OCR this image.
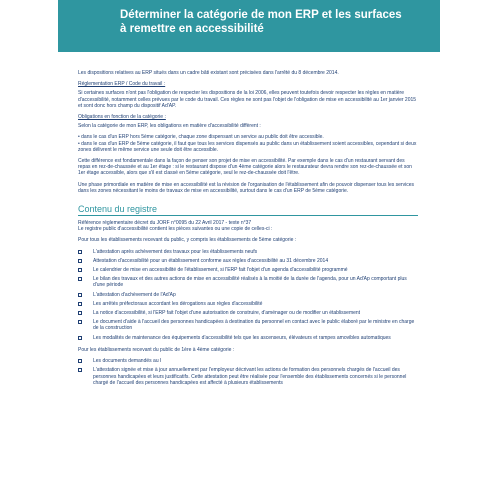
Déterminer la catégorie de mon ERP et les surfaces
à remettre en accessibilité

Les dispositions relatives au ERP situés dans un cadre bâti existant sont précisées dans l'arrêté du 8 décembre 2014.

Réglementation ERP / Code du travail :

Si certaines surfaces n'ont pas l'obligation de respecter les dispositions de la loi 2006, elles peuvent toutefois devoir respecter les règles en matière d'accessibilité, notamment celles prévues par le code du travail. Ces règles ne sont pas l'objet de l'obligation de mise en accessibilité au 1er janvier 2015 et sont donc hors champ du dispositif Ad'AP.

Obligations en fonction de la catégorie :

Selon la catégorie de mon ERP, les obligations en matière d'accessibilité diffèrent :

• dans le cas d'un ERP hors 5ème catégorie, chaque zone dispensant un service au public doit être accessible.

• dans le cas d'un ERP de 5ème catégorie, il faut que tous les services dispensés au public dans un établissement soient accessibles, cependant si deux zones délivrent le même service une seule doit être accessible.

Cette différence est fondamentale dans la façon de penser son projet de mise en accessibilité. Par exemple dans le cas d'un restaurant servant des repas en rez-de-chaussée et au 1er étage : si le restaurant dispose d'un 4ème catégorie alors le restaurateur devra rendre son rez-de-chaussée et son 1er étage accessible, alors que s'il est classé en 5ème catégorie, seul le rez-de-chaussée doit l'être.

Une phase primordiale en matière de mise en accessibilité est la révision de l'organisation de l'établissement afin de pouvoir dispenser tous les services dans les zones nécessitant le moins de travaux de mise en accessibilité, surtout dans le cas d'un ERP de 5ème catégorie.

Contenu du registre

Référence réglementaire décret du JORF n°0095 du 22 Avril 2017 - texte n°37

Le registre public d'accessibilité contient les pièces suivantes ou une copie de celles-ci :

Pour tous les établissements recevant du public, y compris les établissements de 5ème catégorie :

L'attestation après achèvement des travaux pour les établissements neufs
Attestation d'accessibilité pour un établissement conforme aux règles d'accessibilité au 31 décembre 2014
Le calendrier de mise en accessibilité de l'établissement, si l'ERP fait l'objet d'un agenda d'accessibilité programmé
Le bilan des travaux et des autres actions de mise en accessibilité réalisés à la moitié de la durée de l'agenda, pour un Ad'Ap comportant plus d'une période
L'attestation d'achèvement de l'Ad'Ap
Les arrêtés préfectoraux accordant les dérogations aux règles d'accessibilité
La notice d'accessibilité, si l'ERP fait l'objet d'une autorisation de construire, d'aménager ou de modifier un établissement
Le document d'aide à l'accueil des personnes handicapées à destination du personnel en contact avec le public élaboré par le ministre en charge de la construction
Les modalités de maintenance des équipements d'accessibilité tels que les ascenseurs, élévateurs et rampes amovibles automatiques

Pour les établissements recevant du public de 1ère à 4ème catégorie :

Les documents demandés au I
L'attestation signée et mise à jour annuellement par l'employeur décrivant les actions de formation des personnels chargés de l'accueil des personnes handicapées et leurs justificatifs. Cette attestation peut être réalisée pour l'ensemble des établissements concernés si le personnel chargé de l'accueil des personnes handicapées est affecté à plusieurs établissements
